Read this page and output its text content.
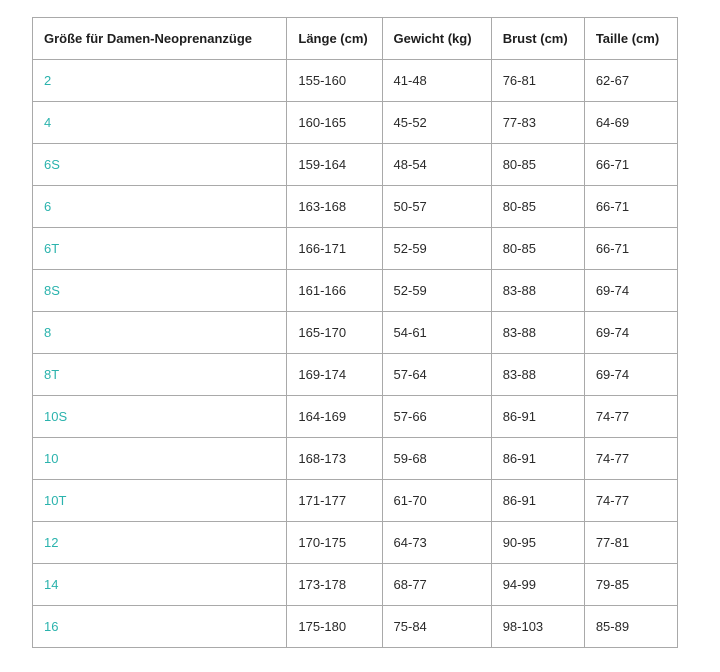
Größe für Damen-Neoprenanzüge	Länge (cm)	Gewicht (kg)	Brust (cm)	Taille (cm)
2	155-160	41-48	76-81	62-67
4	160-165	45-52	77-83	64-69
6S	159-164	48-54	80-85	66-71
6	163-168	50-57	80-85	66-71
6T	166-171	52-59	80-85	66-71
8S	161-166	52-59	83-88	69-74
8	165-170	54-61	83-88	69-74
8T	169-174	57-64	83-88	69-74
10S	164-169	57-66	86-91	74-77
10	168-173	59-68	86-91	74-77
10T	171-177	61-70	86-91	74-77
12	170-175	64-73	90-95	77-81
14	173-178	68-77	94-99	79-85
16	175-180	75-84	98-103	85-89
